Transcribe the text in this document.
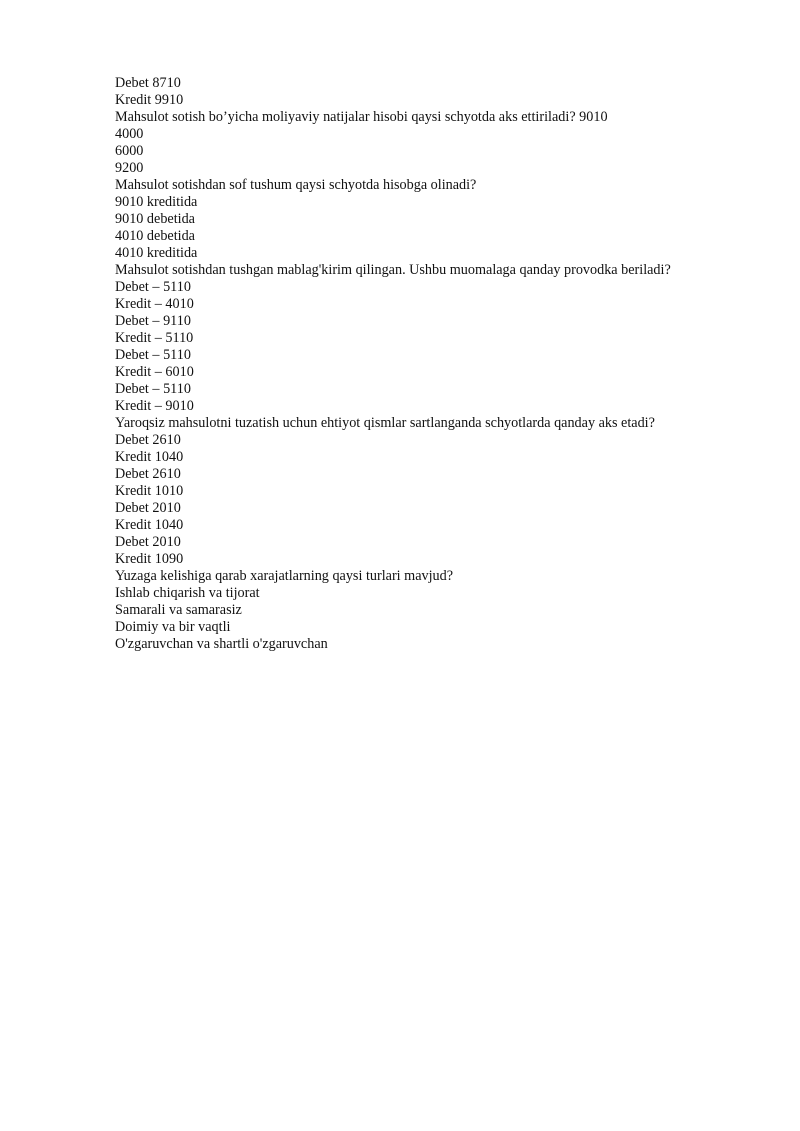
Debet 8710
Kredit 9910
Mahsulot sotish bo’yicha moliyaviy natijalar hisobi qaysi schyotda aks ettiriladi? 9010
4000
6000
9200
Mahsulot sotishdan sof tushum qaysi schyotda hisobga olinadi?
9010 kreditida
9010 debetida
4010 debetida
4010 kreditida
Mahsulot sotishdan tushgan mablag'kirim qilingan. Ushbu muomalaga qanday provodka beriladi?
Debet – 5110
Kredit – 4010
Debet – 9110
Kredit – 5110
Debet – 5110
Kredit – 6010
Debet – 5110
Kredit – 9010
Yaroqsiz mahsulotni tuzatish uchun ehtiyot qismlar sartlanganda schyotlarda qanday aks etadi?
Debet 2610
Kredit 1040
Debet 2610
Kredit 1010
Debet 2010
Kredit 1040
Debet 2010
Kredit 1090
Yuzaga kelishiga qarab xarajatlarning qaysi turlari mavjud?
Ishlab chiqarish va tijorat
Samarali va samarasiz
Doimiy va bir vaqtli
O'zgaruvchan va shartli o'zgaruvchan
